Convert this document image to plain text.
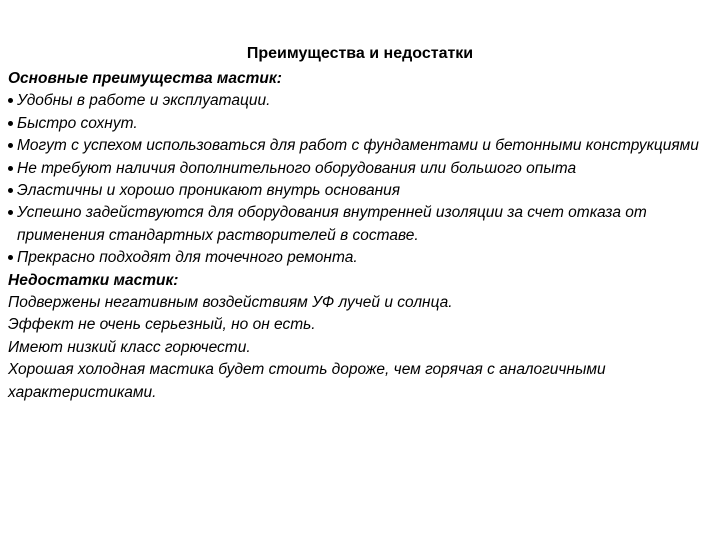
Преимущества и недостатки

Основные преимущества мастик:

Удобны в работе и эксплуатации.
Быстро сохнут.
Могут с успехом использоваться для работ с фундаментами и бетонными конструкциями
Не требуют наличия дополнительного оборудования или большого опыта
Эластичны и хорошо проникают внутрь основания
Успешно задействуются для оборудования внутренней изоляции за счет отказа от применения стандартных растворителей в составе.
Прекрасно подходят для точечного ремонта.

Недостатки мастик:

Подвержены негативным воздействиям УФ лучей и солнца.

Эффект не очень серьезный, но он есть.

Имеют низкий класс горючести.

Хорошая холодная мастика будет стоить дороже, чем горячая с аналогичными характеристиками.
